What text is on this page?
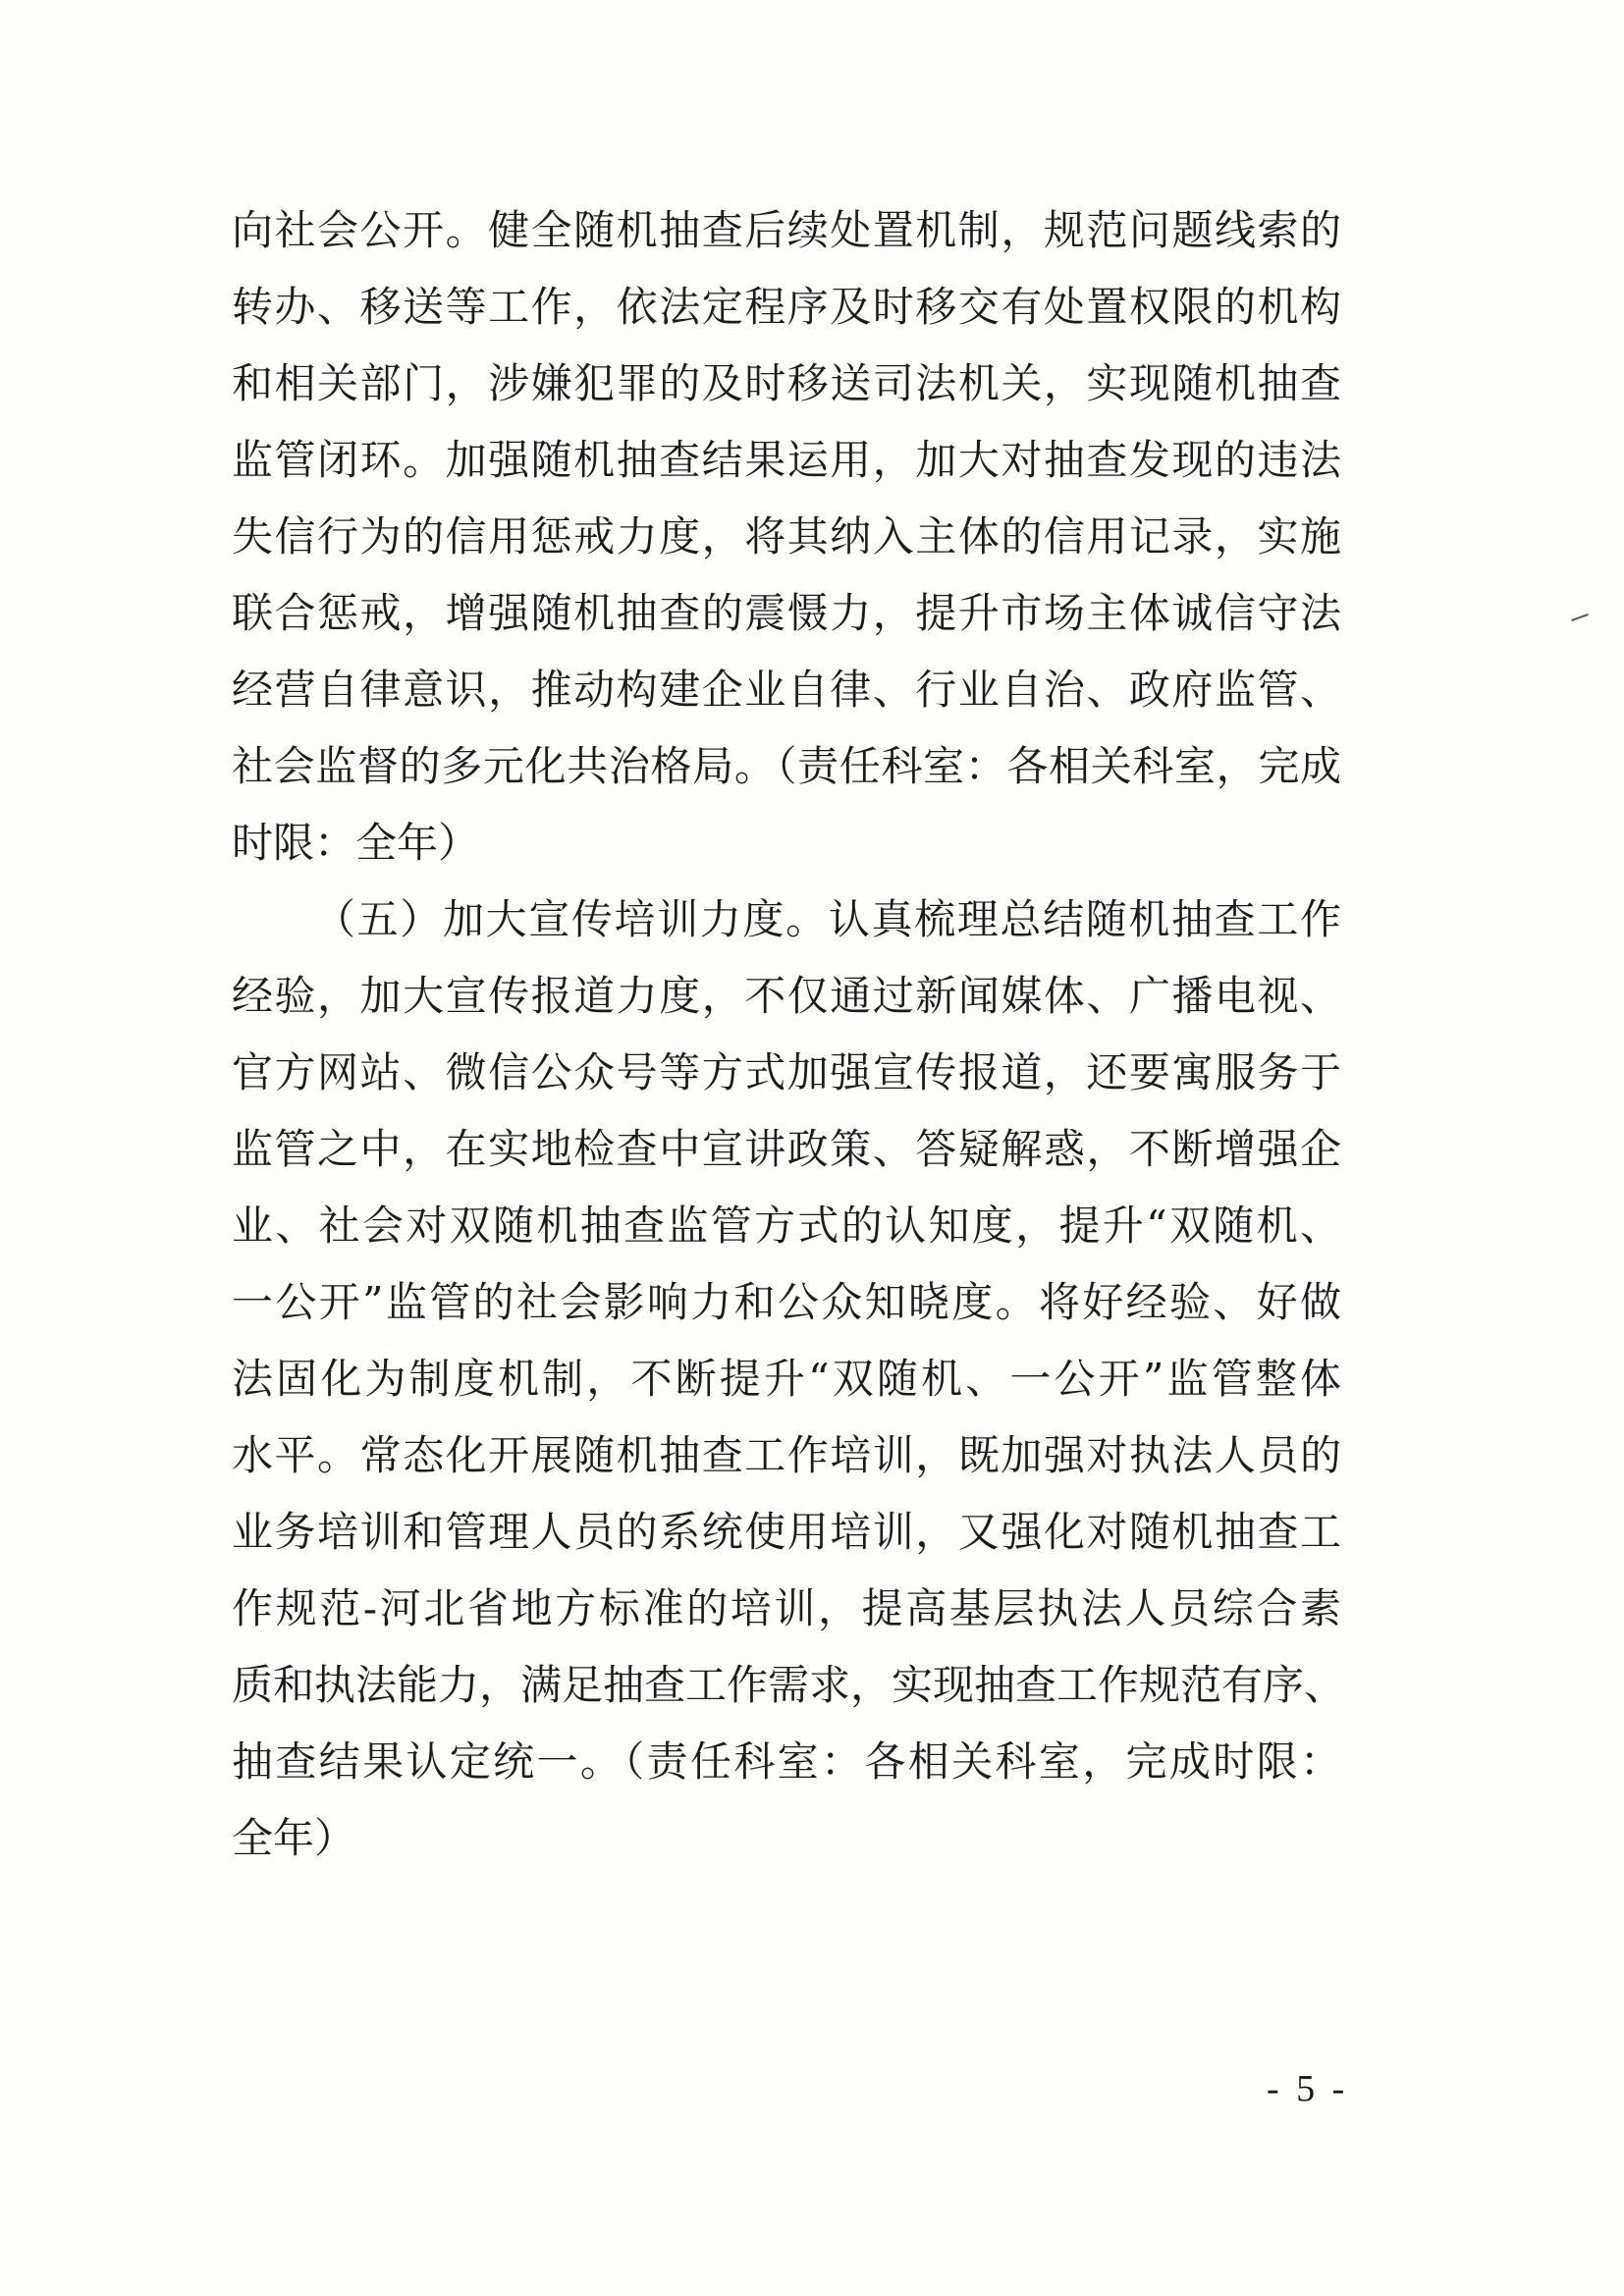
向社会公开。健全随机抽查后续处置机制，规范问题线索的
转办、移送等工作，依法定程序及时移交有处置权限的机构
和相关部门，涉嫌犯罪的及时移送司法机关，实现随机抽查
监管闭环。加强随机抽查结果运用，加大对抽查发现的违法
失信行为的信用惩戒力度，将其纳入主体的信用记录，实施
联合惩戒，增强随机抽查的震慑力，提升市场主体诚信守法
经营自律意识，推动构建企业自律、行业自治、政府监管、
社会监督的多元化共治格局。（责任科室：各相关科室，完成
时限：全年）
（五）加大宣传培训力度。认真梳理总结随机抽查工作
经验，加大宣传报道力度，不仅通过新闻媒体、广播电视、
官方网站、微信公众号等方式加强宣传报道，还要寓服务于
监管之中，在实地检查中宣讲政策、答疑解惑，不断增强企
业、社会对双随机抽查监管方式的认知度，提升“双随机、
一公开”监管的社会影响力和公众知晓度。将好经验、好做
法固化为制度机制，不断提升“双随机、一公开”监管整体
水平。常态化开展随机抽查工作培训，既加强对执法人员的
业务培训和管理人员的系统使用培训，又强化对随机抽查工
作规范-河北省地方标准的培训，提高基层执法人员综合素
质和执法能力，满足抽查工作需求，实现抽查工作规范有序、
抽查结果认定统一。（责任科室：各相关科室，完成时限：
全年）
- 5 -
